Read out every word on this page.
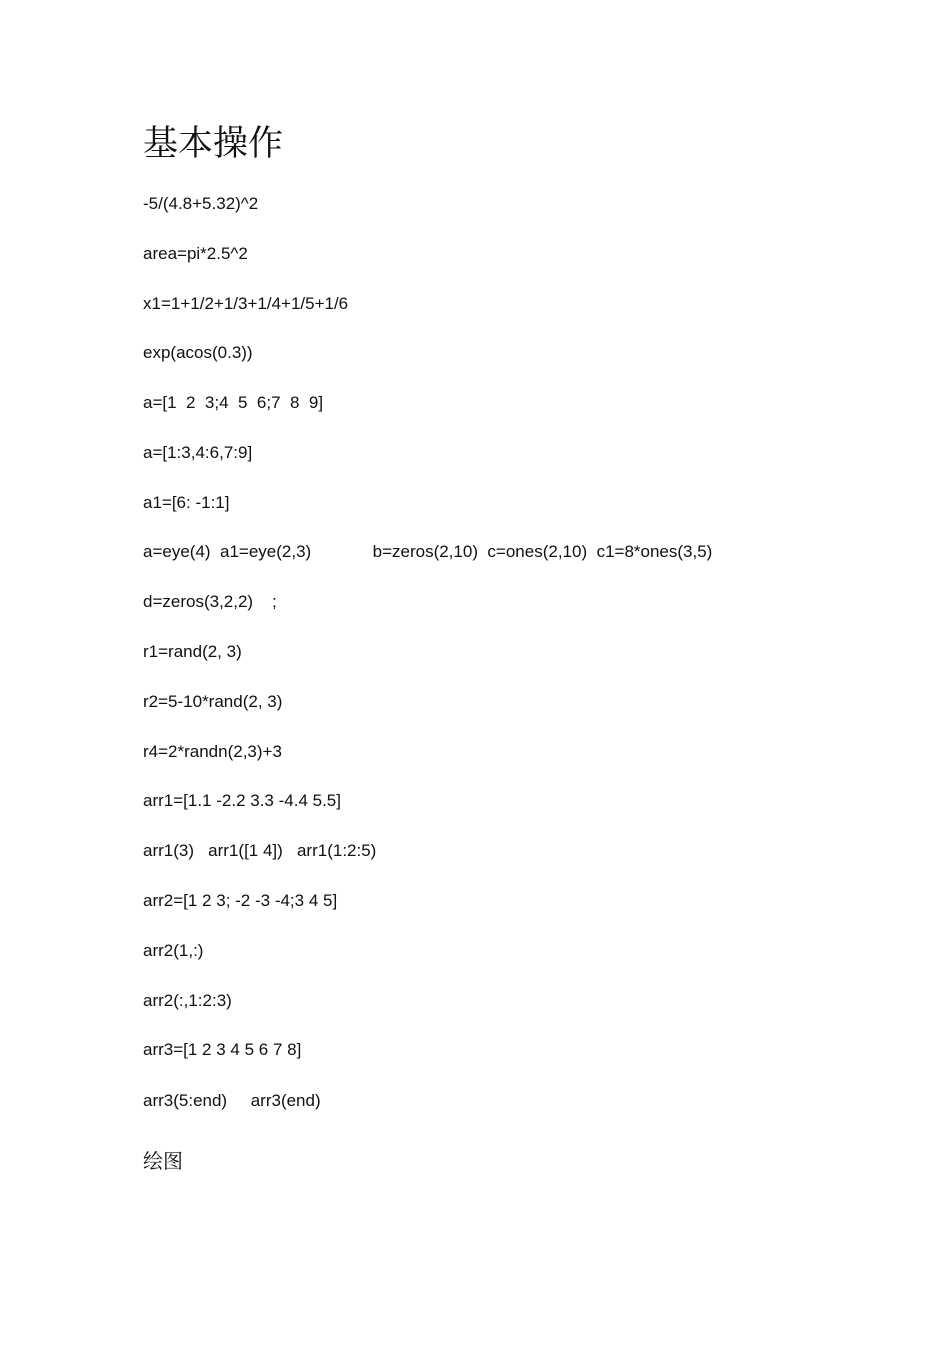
基本操作

-5/(4.8+5.32)^2

area=pi*2.5^2

x1=1+1/2+1/3+1/4+1/5+1/6

exp(acos(0.3))

a=[1  2  3;4  5  6;7  8  9]

a=[1:3,4:6,7:9]

a1=[6: -1:1]

a=eye(4)  a1=eye(2,3)             b=zeros(2,10)  c=ones(2,10)  c1=8*ones(3,5)

d=zeros(3,2,2)    ;

r1=rand(2, 3)

r2=5-10*rand(2, 3)

r4=2*randn(2,3)+3

arr1=[1.1 -2.2 3.3 -4.4 5.5]

arr1(3)   arr1([1 4])   arr1(1:2:5)

arr2=[1 2 3; -2 -3 -4;3 4 5]

arr2(1,:)

arr2(:,1:2:3)

arr3=[1 2 3 4 5 6 7 8]

arr3(5:end)     arr3(end)

绘图
